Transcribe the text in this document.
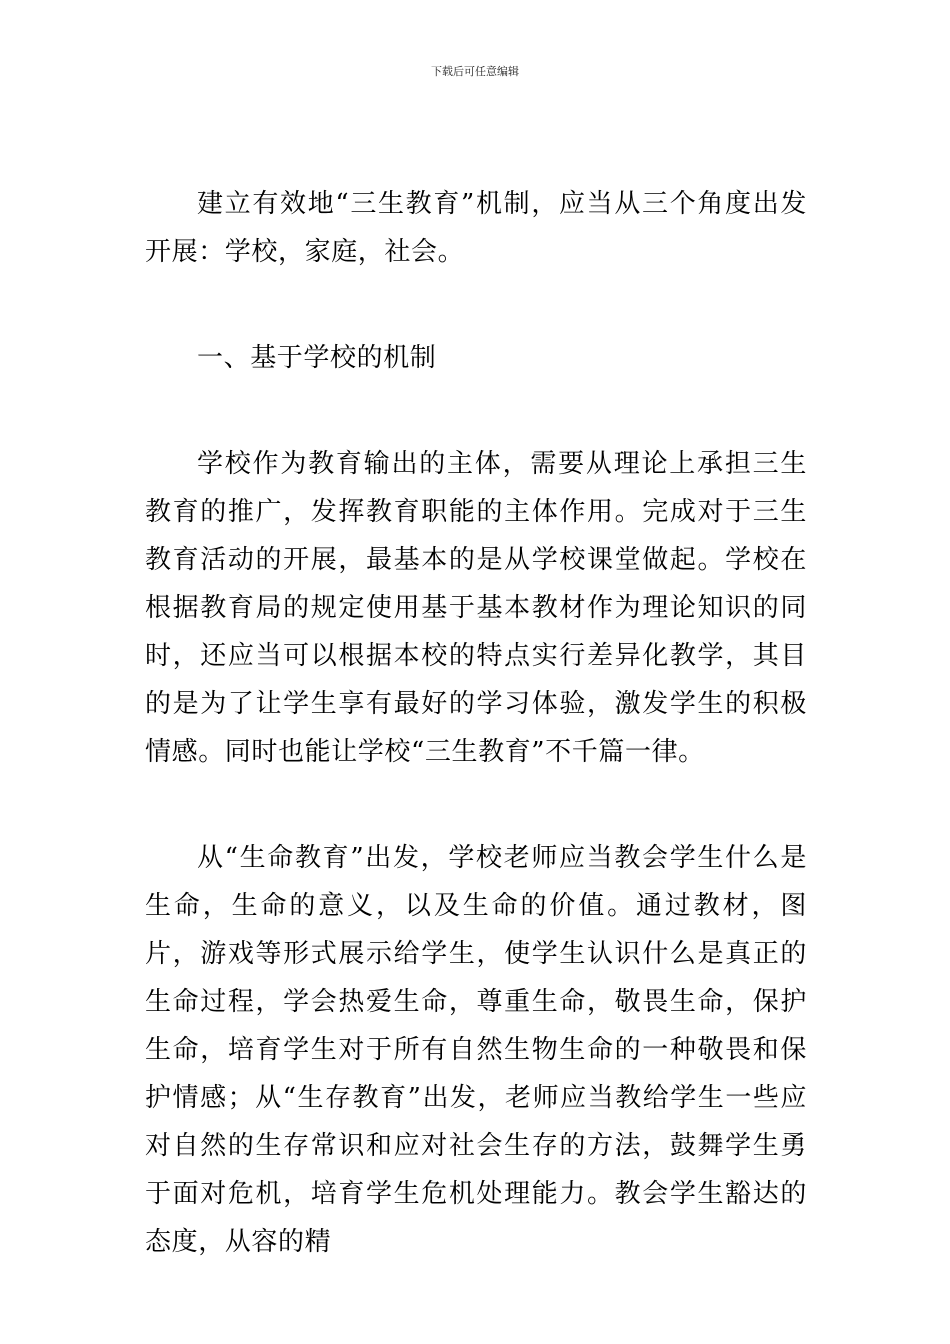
下载后可任意编辑

建立有效地“三生教育”机制，应当从三个角度出发开展：学校，家庭，社会。

一、基于学校的机制

学校作为教育输出的主体，需要从理论上承担三生教育的推广，发挥教育职能的主体作用。完成对于三生教育活动的开展，最基本的是从学校课堂做起。学校在根据教育局的规定使用基于基本教材作为理论知识的同时，还应当可以根据本校的特点实行差异化教学，其目的是为了让学生享有最好的学习体验，激发学生的积极情感。同时也能让学校“三生教育”不千篇一律。

从“生命教育”出发，学校老师应当教会学生什么是生命，生命的意义，以及生命的价值。通过教材，图片，游戏等形式展示给学生，使学生认识什么是真正的生命过程，学会热爱生命，尊重生命，敬畏生命，保护生命，培育学生对于所有自然生物生命的一种敬畏和保护情感；从“生存教育”出发，老师应当教给学生一些应对自然的生存常识和应对社会生存的方法，鼓舞学生勇于面对危机，培育学生危机处理能力。教会学生豁达的态度，从容的精
